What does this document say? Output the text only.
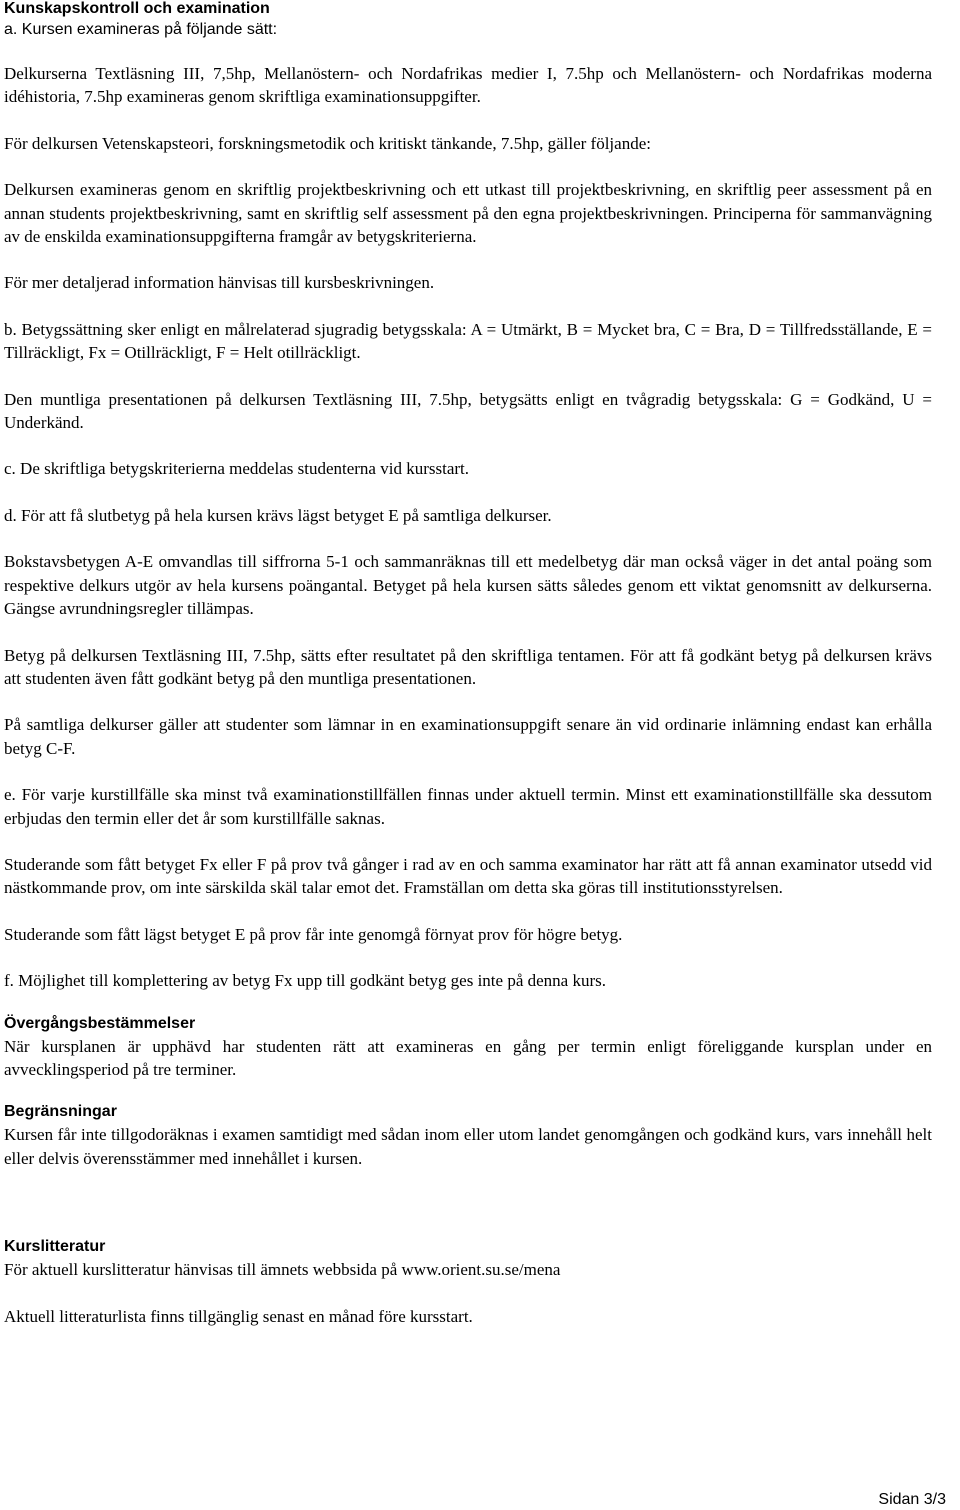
Kunskapskontroll och examination
a. Kursen examineras på följande sätt:

Delkurserna Textläsning III, 7,5hp, Mellanöstern- och Nordafrikas medier I, 7.5hp och Mellanöstern- och Nordafrikas moderna idéhistoria, 7.5hp examineras genom skriftliga examinationsuppgifter.

För delkursen Vetenskapsteori, forskningsmetodik och kritiskt tänkande, 7.5hp, gäller följande:

Delkursen examineras genom en skriftlig projektbeskrivning och ett utkast till projektbeskrivning, en skriftlig peer assessment på en annan students projektbeskrivning, samt en skriftlig self assessment på den egna projektbeskrivningen. Principerna för sammanvägning av de enskilda examinationsuppgifterna framgår av betygskriterierna.

För mer detaljerad information hänvisas till kursbeskrivningen.

b. Betygssättning sker enligt en målrelaterad sjugradig betygsskala: A = Utmärkt, B = Mycket bra, C = Bra, D = Tillfredsställande, E = Tillräckligt, Fx = Otillräckligt, F = Helt otillräckligt.

Den muntliga presentationen på delkursen Textläsning III, 7.5hp, betygsätts enligt en tvågradig betygsskala: G = Godkänd, U = Underkänd.

c. De skriftliga betygskriterierna meddelas studenterna vid kursstart.

d. För att få slutbetyg på hela kursen krävs lägst betyget E på samtliga delkurser.

Bokstavsbetygen A-E omvandlas till siffrorna 5-1 och sammanräknas till ett medelbetyg där man också väger in det antal poäng som respektive delkurs utgör av hela kursens poängantal. Betyget på hela kursen sätts således genom ett viktat genomsnitt av delkurserna. Gängse avrundningsregler tillämpas.

Betyg på delkursen Textläsning III, 7.5hp, sätts efter resultatet på den skriftliga tentamen. För att få godkänt betyg på delkursen krävs att studenten även fått godkänt betyg på den muntliga presentationen.

På samtliga delkurser gäller att studenter som lämnar in en examinationsuppgift senare än vid ordinarie inlämning endast kan erhålla betyg C-F.

e. För varje kurstillfälle ska minst två examinationstillfällen finnas under aktuell termin. Minst ett examinationstillfälle ska dessutom erbjudas den termin eller det år som kurstillfälle saknas.

Studerande som fått betyget Fx eller F på prov två gånger i rad av en och samma examinator har rätt att få annan examinator utsedd vid nästkommande prov, om inte särskilda skäl talar emot det. Framställan om detta ska göras till institutionsstyrelsen.

Studerande som fått lägst betyget E på prov får inte genomgå förnyat prov för högre betyg.

f. Möjlighet till komplettering av betyg Fx upp till godkänt betyg ges inte på denna kurs.

Övergångsbestämmelser

När kursplanen är upphävd har studenten rätt att examineras en gång per termin enligt föreliggande kursplan under en avvecklingsperiod på tre terminer.

Begränsningar

Kursen får inte tillgodoräknas i examen samtidigt med sådan inom eller utom landet genomgången och godkänd kurs, vars innehåll helt eller delvis överensstämmer med innehållet i kursen.

Kurslitteratur

För aktuell kurslitteratur hänvisas till ämnets webbsida på www.orient.su.se/mena

Aktuell litteraturlista finns tillgänglig senast en månad före kursstart.

Sidan 3/3
